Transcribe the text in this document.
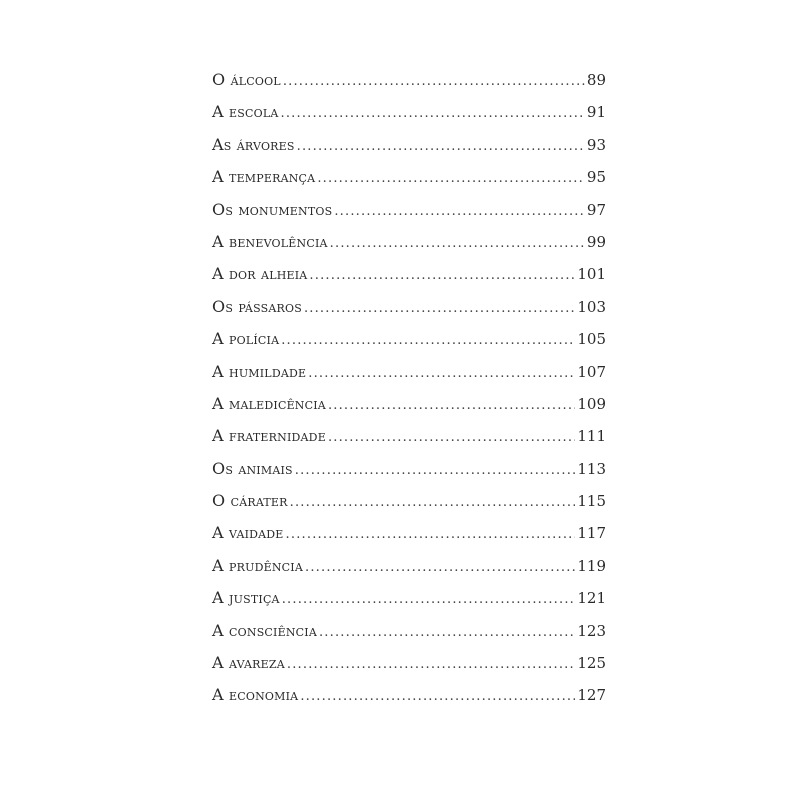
O álcool .....	89
A escola .....	91
As árvores .....	93
A temperança .....	95
Os monumentos .....	97
A benevolência .....	99
A dor alheia .....	101
Os pássaros .....	103
A polícia .....	105
A humildade .....	107
A maledicência .....	109
A fraternidade .....	111
Os animais .....	113
O cárater .....	115
A vaidade .....	117
A prudência .....	119
A justiça .....	121
A consciência .....	123
A avareza .....	125
A economia .....	127
